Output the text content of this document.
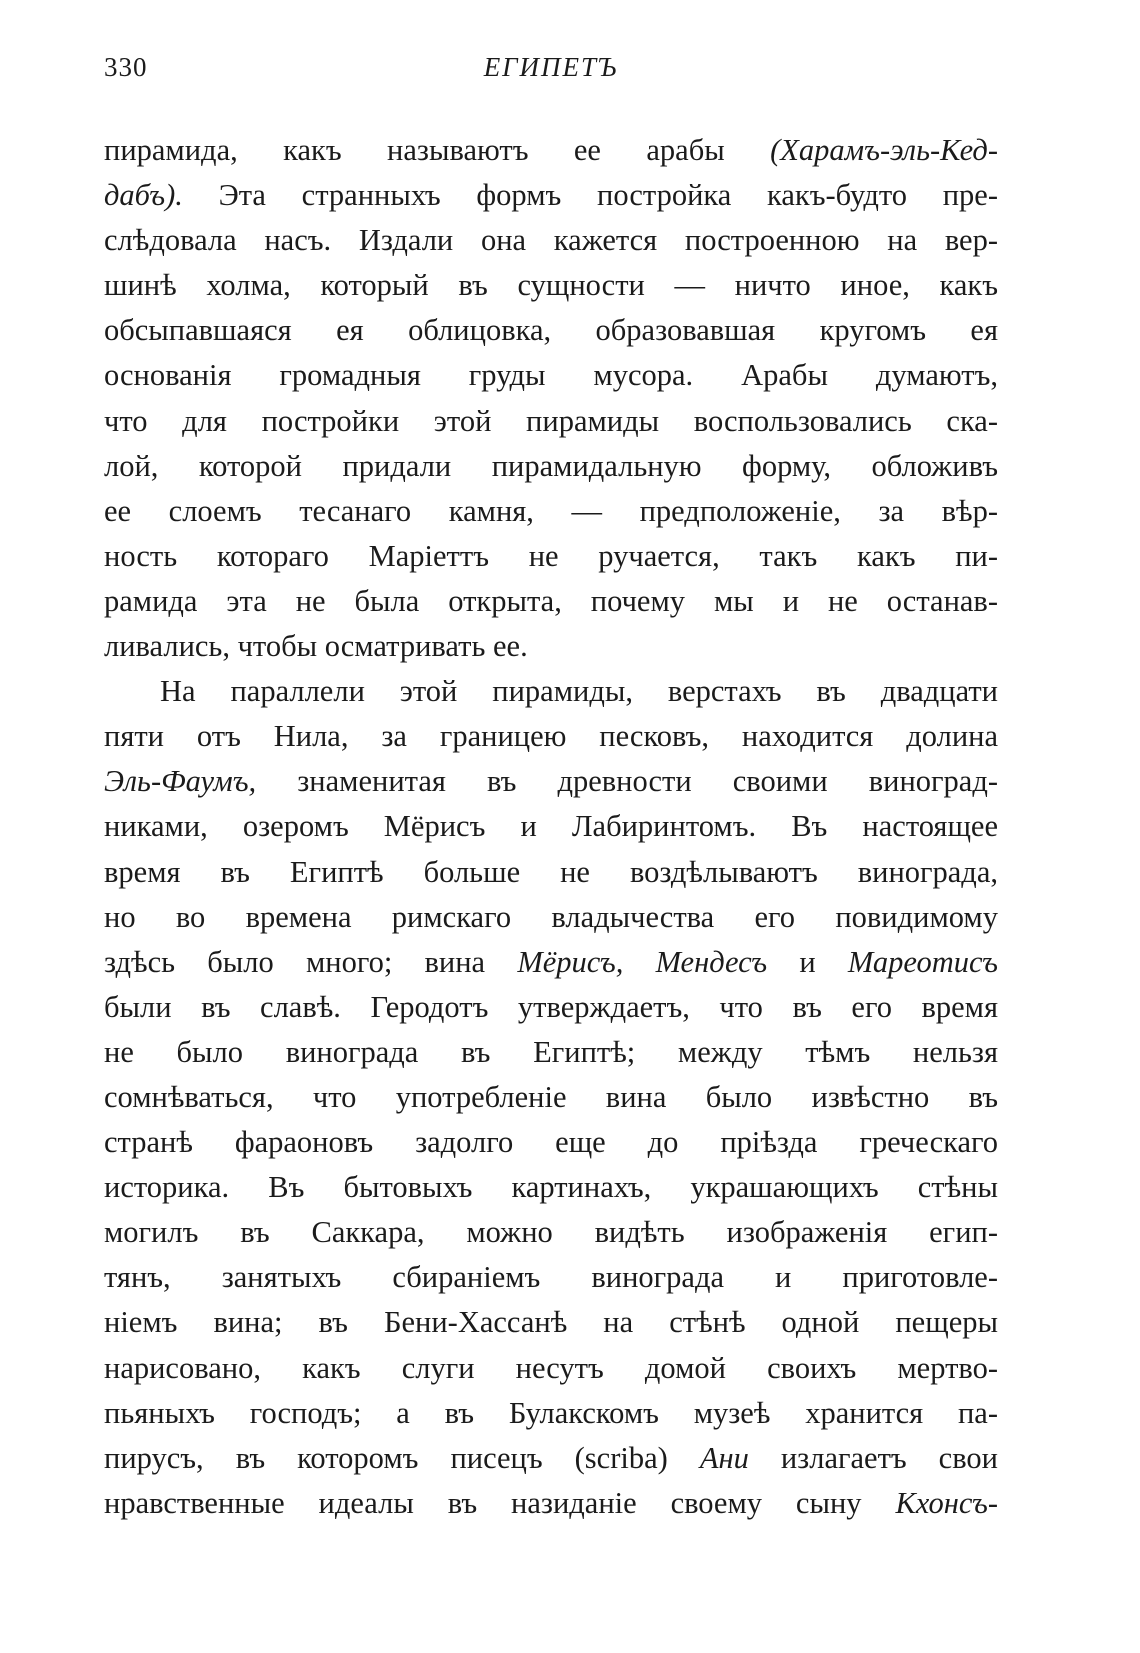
330	ЕГИПЕТЪ
пирамида, какъ называютъ ее арабы (Харамъ-эль-Кед-
дабъ). Эта странныхъ формъ постройка какъ-будто пре-
слѣдовала насъ. Издали она кажется построенною на вер-
шинѣ холма, который въ сущности — ничто иное, какъ
обсыпавшаяся ея облицовка, образовавшая кругомъ ея
основанія громадныя груды мусора. Арабы думаютъ,
что для постройки этой пирамиды воспользовались ска-
лой, которой придали пирамидальную форму, обложивъ
ее слоемъ тесанаго камня, — предположеніе, за вѣр-
ность котораго Маріеттъ не ручается, такъ какъ пи-
рамида эта не была открыта, почему мы и не останав-
ливались, чтобы осматривать ее.
На параллели этой пирамиды, верстахъ въ двадцати
пяти отъ Нила, за границею песковъ, находится долина
Эль-Фаумъ, знаменитая въ древности своими виноград-
никами, озеромъ Мёрисъ и Лабиринтомъ. Въ настоящее
время въ Египтѣ больше не воздѣлываютъ винограда,
но во времена римскаго владычества его повидимому
здѣсь было много; вина Мёрисъ, Мендесъ и Мареотисъ
были въ славѣ. Геродотъ утверждаетъ, что въ его время
не было винограда въ Египтѣ; между тѣмъ нельзя
сомнѣваться, что употребленіе вина было извѣстно въ
странѣ фараоновъ задолго еще до пріѣзда греческаго
историка. Въ бытовыхъ картинахъ, украшающихъ стѣны
могилъ въ Саккара, можно видѣть изображенія егип-
тянъ, занятыхъ сбираніемъ винограда и приготовле-
ніемъ вина; въ Бени-Хассанѣ на стѣнѣ одной пещеры
нарисовано, какъ слуги несутъ домой своихъ мертво-
пьяныхъ господъ; а въ Булакскомъ музеѣ хранится па-
пирусъ, въ которомъ писецъ (scriba) Ани излагаетъ свои
нравственные идеалы въ назиданіе своему сыну Кхонсъ-
